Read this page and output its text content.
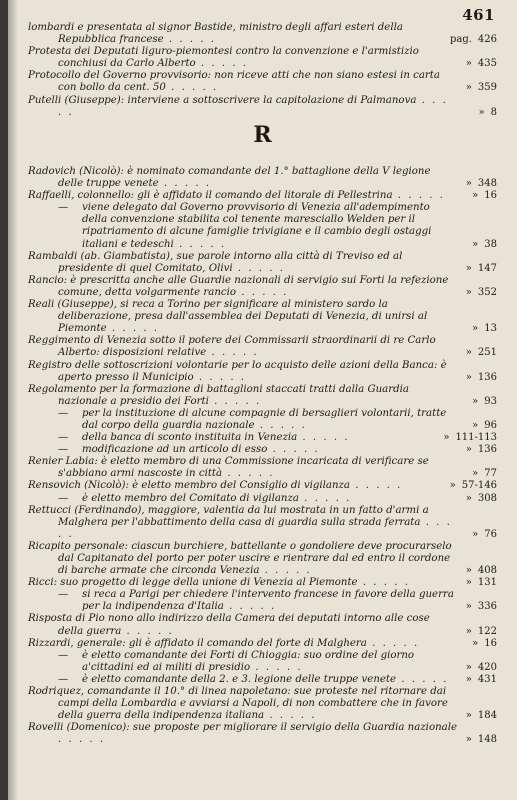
461
lombardi e presentata al signor Bastide, ministro degli affari esteri della Repubblica francese . . . . .	pag. 426
Protesta dei Deputati liguro-piemontesi contro la convenzione e l'armistizio conchiusi da Carlo Alberto . . . . .	» 435
Protocollo del Governo provvisorio: non riceve atti che non siano estesi in carta con bollo da cent. 50 . . . . .	» 359
Putelli (Giuseppe): interviene a sottoscrivere la capitolazione di Palmanova . . . . .	» 8
R
Radovich (Nicolò): è nominato comandante del 1.° battaglione della V legione delle truppe venete . . . . .	» 348
Raffaelli, colonnello: gli è affidato il comando del litorale di Pellestrina . . . . .	» 16
— viene delegato dal Governo provvisorio di Venezia all'adempimento della convenzione stabilita col tenente maresciallo Welden per il ripatriamento di alcune famiglie trivigiane e il cambio degli ostaggi italiani e tedeschi . . . . .	» 38
Rambaldi (ab. Giambatista), sue parole intorno alla città di Treviso ed al presidente di quel Comitato, Olivi . . . . .	» 147
Rancio: è prescritta anche alle Guardie nazionali di servigio sui Forti la refezione comune, detta volgarmente rancio . . . . .	» 352
Reali (Giuseppe), si reca a Torino per significare al ministero sardo la deliberazione, presa dall'assemblea dei Deputati di Venezia, di unirsi al Piemonte . . . . .	» 13
Reggimento di Venezia sotto il potere dei Commissarii straordinarii di re Carlo Alberto: disposizioni relative . . . . .	» 251
Registro delle sottoscrizioni volontarie per lo acquisto delle azioni della Banca: è aperto presso il Municipio . . . . .	» 136
Regolamento per la formazione di battaglioni staccati tratti dalla Guardia nazionale a presidio dei Forti . . . . .	» 93
— per la instituzione di alcune compagnie di bersaglieri volontarii, tratte dal corpo della guardia nazionale . . . . .	» 96
— della banca di sconto instituita in Venezia . . . . .	» 111-113
— modificazione ad un articolo di esso . . . . .	» 136
Renier Labia: è eletto membro di una Commissione incaricata di verificare se s'abbiano armi nascoste in città . . . . .	» 77
Rensovich (Nicolò): è eletto membro del Consiglio di vigilanza . . . . .	» 57-146
— è eletto membro del Comitato di vigilanza . . . . .	» 308
Rettucci (Ferdinando), maggiore, valentia da lui mostrata in un fatto d'armi a Malghera per l'abbattimento della casa di guardia sulla strada ferrata . . . . .	» 76
Ricapito personale: ciascun burchiere, battellante o gondoliere deve procurarselo dal Capitanato del porto per poter uscire e rientrare dal ed entro il cordone di barche armate che circonda Venezia . . . . .	» 408
Ricci: suo progetto di legge della unione di Venezia al Piemonte . . . . .	» 131
— si reca a Parigi per chiedere l'intervento francese in favore della guerra per la indipendenza d'Italia . . . . .	» 336
Risposta di Pio nono allo indirizzo della Camera dei deputati intorno alle cose della guerra . . . . .	» 122
Rizzardi, generale: gli è affidato il comando del forte di Malghera . . . . .	» 16
— è eletto comandante dei Forti di Chioggia: suo ordine del giorno a'cittadini ed ai militi di presidio . . . . .	» 420
— è eletto comandante della 2. e 3. legione delle truppe venete . . . . . » 431
Rodriquez, comandante il 10.° di linea napoletano: sue proteste nel ritornare dai campi della Lombardia e avviarsi a Napoli, di non combattere che in favore della guerra della indipendenza italiana . . . . .	» 184
Rovelli (Domenico): sue proposte per migliorare il servigio della Guardia nazionale . . . . .	» 148
